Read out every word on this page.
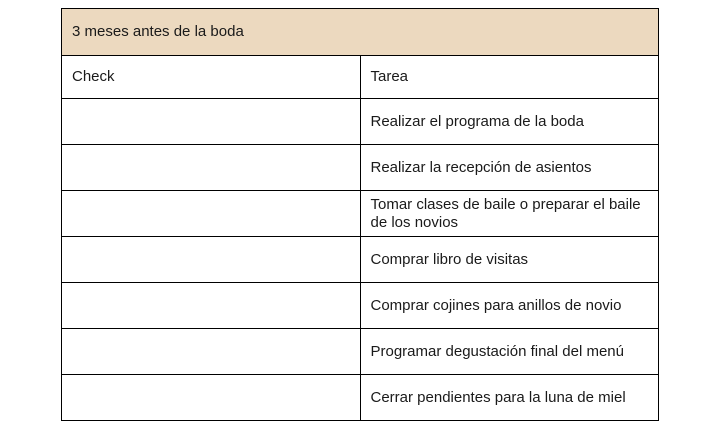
3 meses antes de la boda	

Check	Tarea

	Realizar el programa de la boda

	Realizar la recepción de asientos

	Tomar clases de baile o preparar el baile de los novios

	Comprar libro de visitas

	Comprar cojines para anillos de novio

	Programar degustación final del menú

	Cerrar pendientes para la luna de miel
